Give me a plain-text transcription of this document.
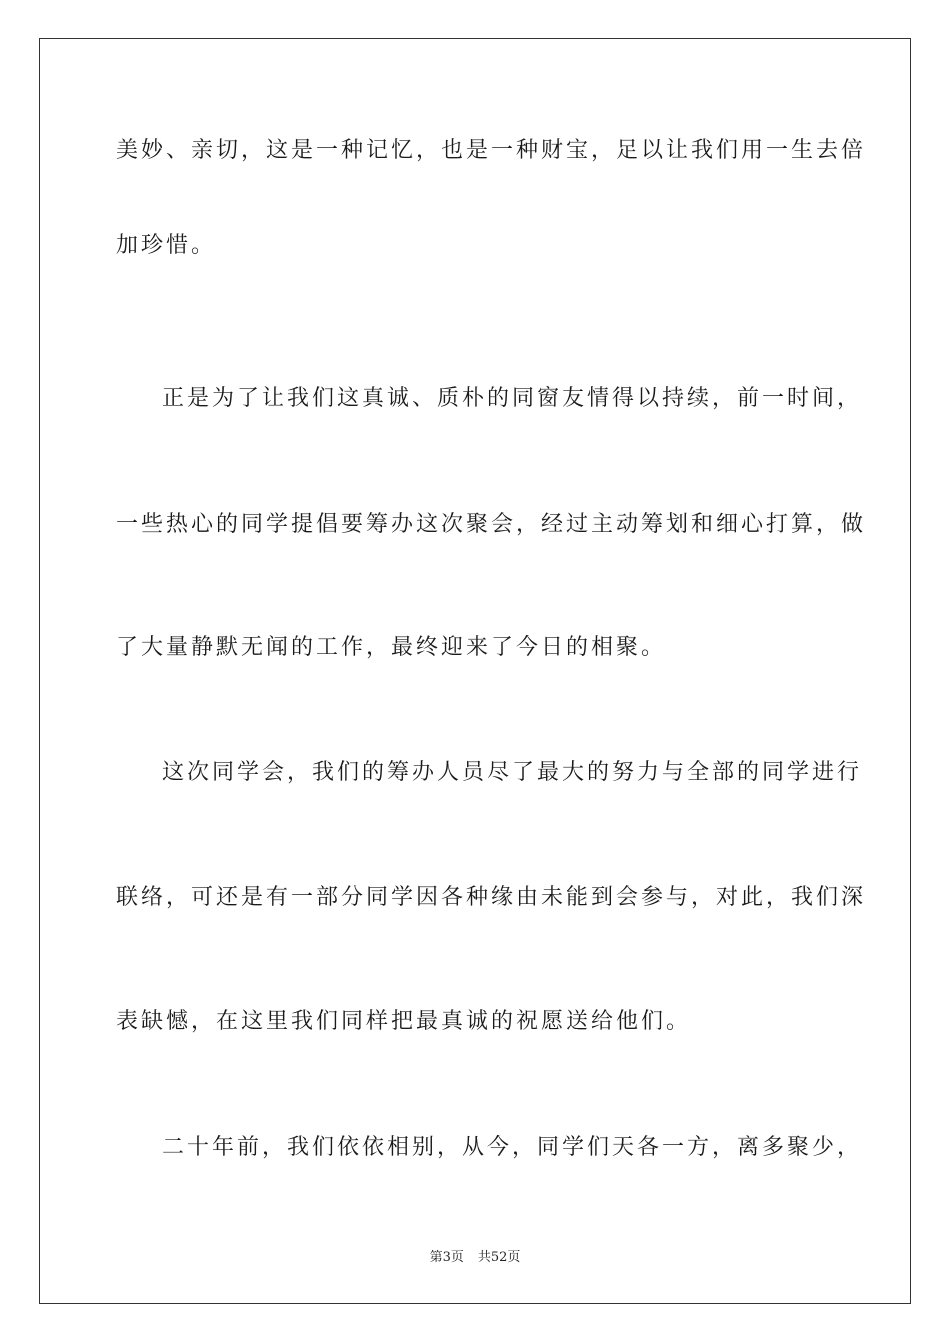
美妙、亲切，这是一种记忆，也是一种财宝，足以让我们用一生去倍
加珍惜。
正是为了让我们这真诚、质朴的同窗友情得以持续，前一时间，
一些热心的同学提倡要筹办这次聚会，经过主动筹划和细心打算，做
了大量静默无闻的工作，最终迎来了今日的相聚。
这次同学会，我们的筹办人员尽了最大的努力与全部的同学进行
联络，可还是有一部分同学因各种缘由未能到会参与，对此，我们深
表缺憾，在这里我们同样把最真诚的祝愿送给他们。
二十年前，我们依依相别，从今，同学们天各一方，离多聚少，
第3页 共52页
